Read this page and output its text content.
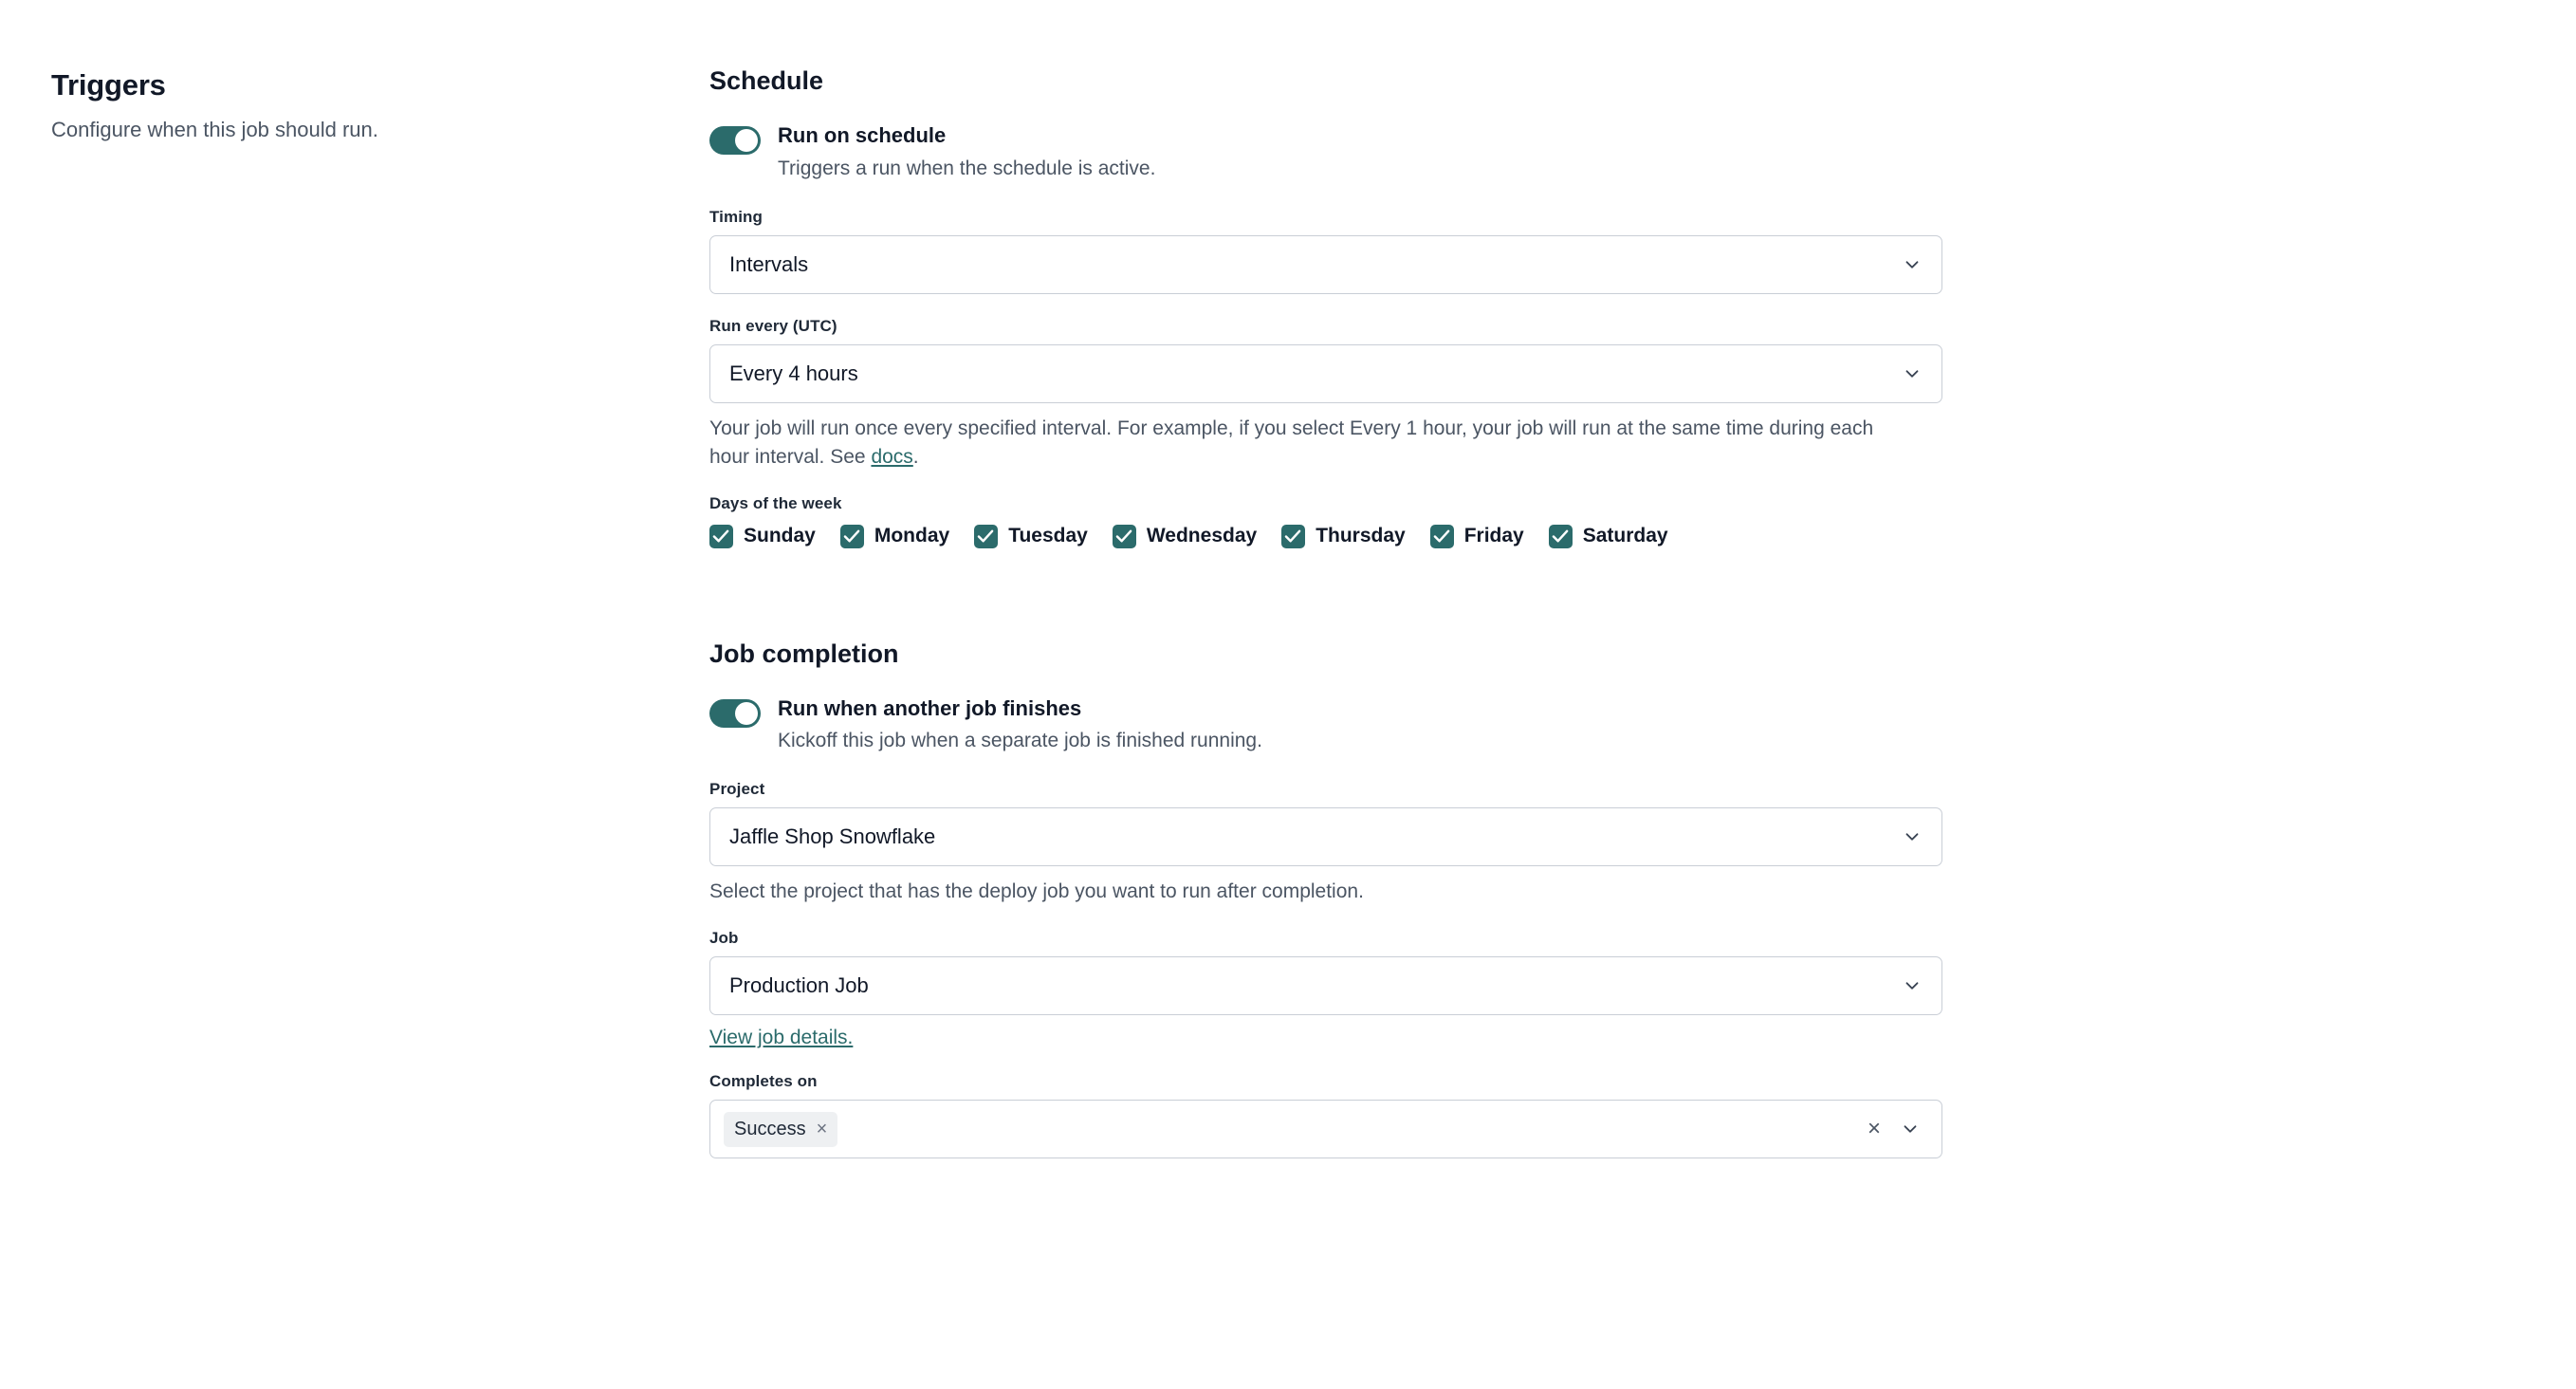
Triggers
Configure when this job should run.
Schedule
Run on schedule
Triggers a run when the schedule is active.
Timing
Intervals
Run every (UTC)
Every 4 hours
Your job will run once every specified interval. For example, if you select Every 1 hour, your job will run at the same time during each hour interval. See docs.
Days of the week
Sunday	Monday	Tuesday	Wednesday	Thursday	Friday	Saturday
Job completion
Run when another job finishes
Kickoff this job when a separate job is finished running.
Project
Jaffle Shop Snowflake
Select the project that has the deploy job you want to run after completion.
Job
Production Job
View job details.
Completes on
Success ×	×
